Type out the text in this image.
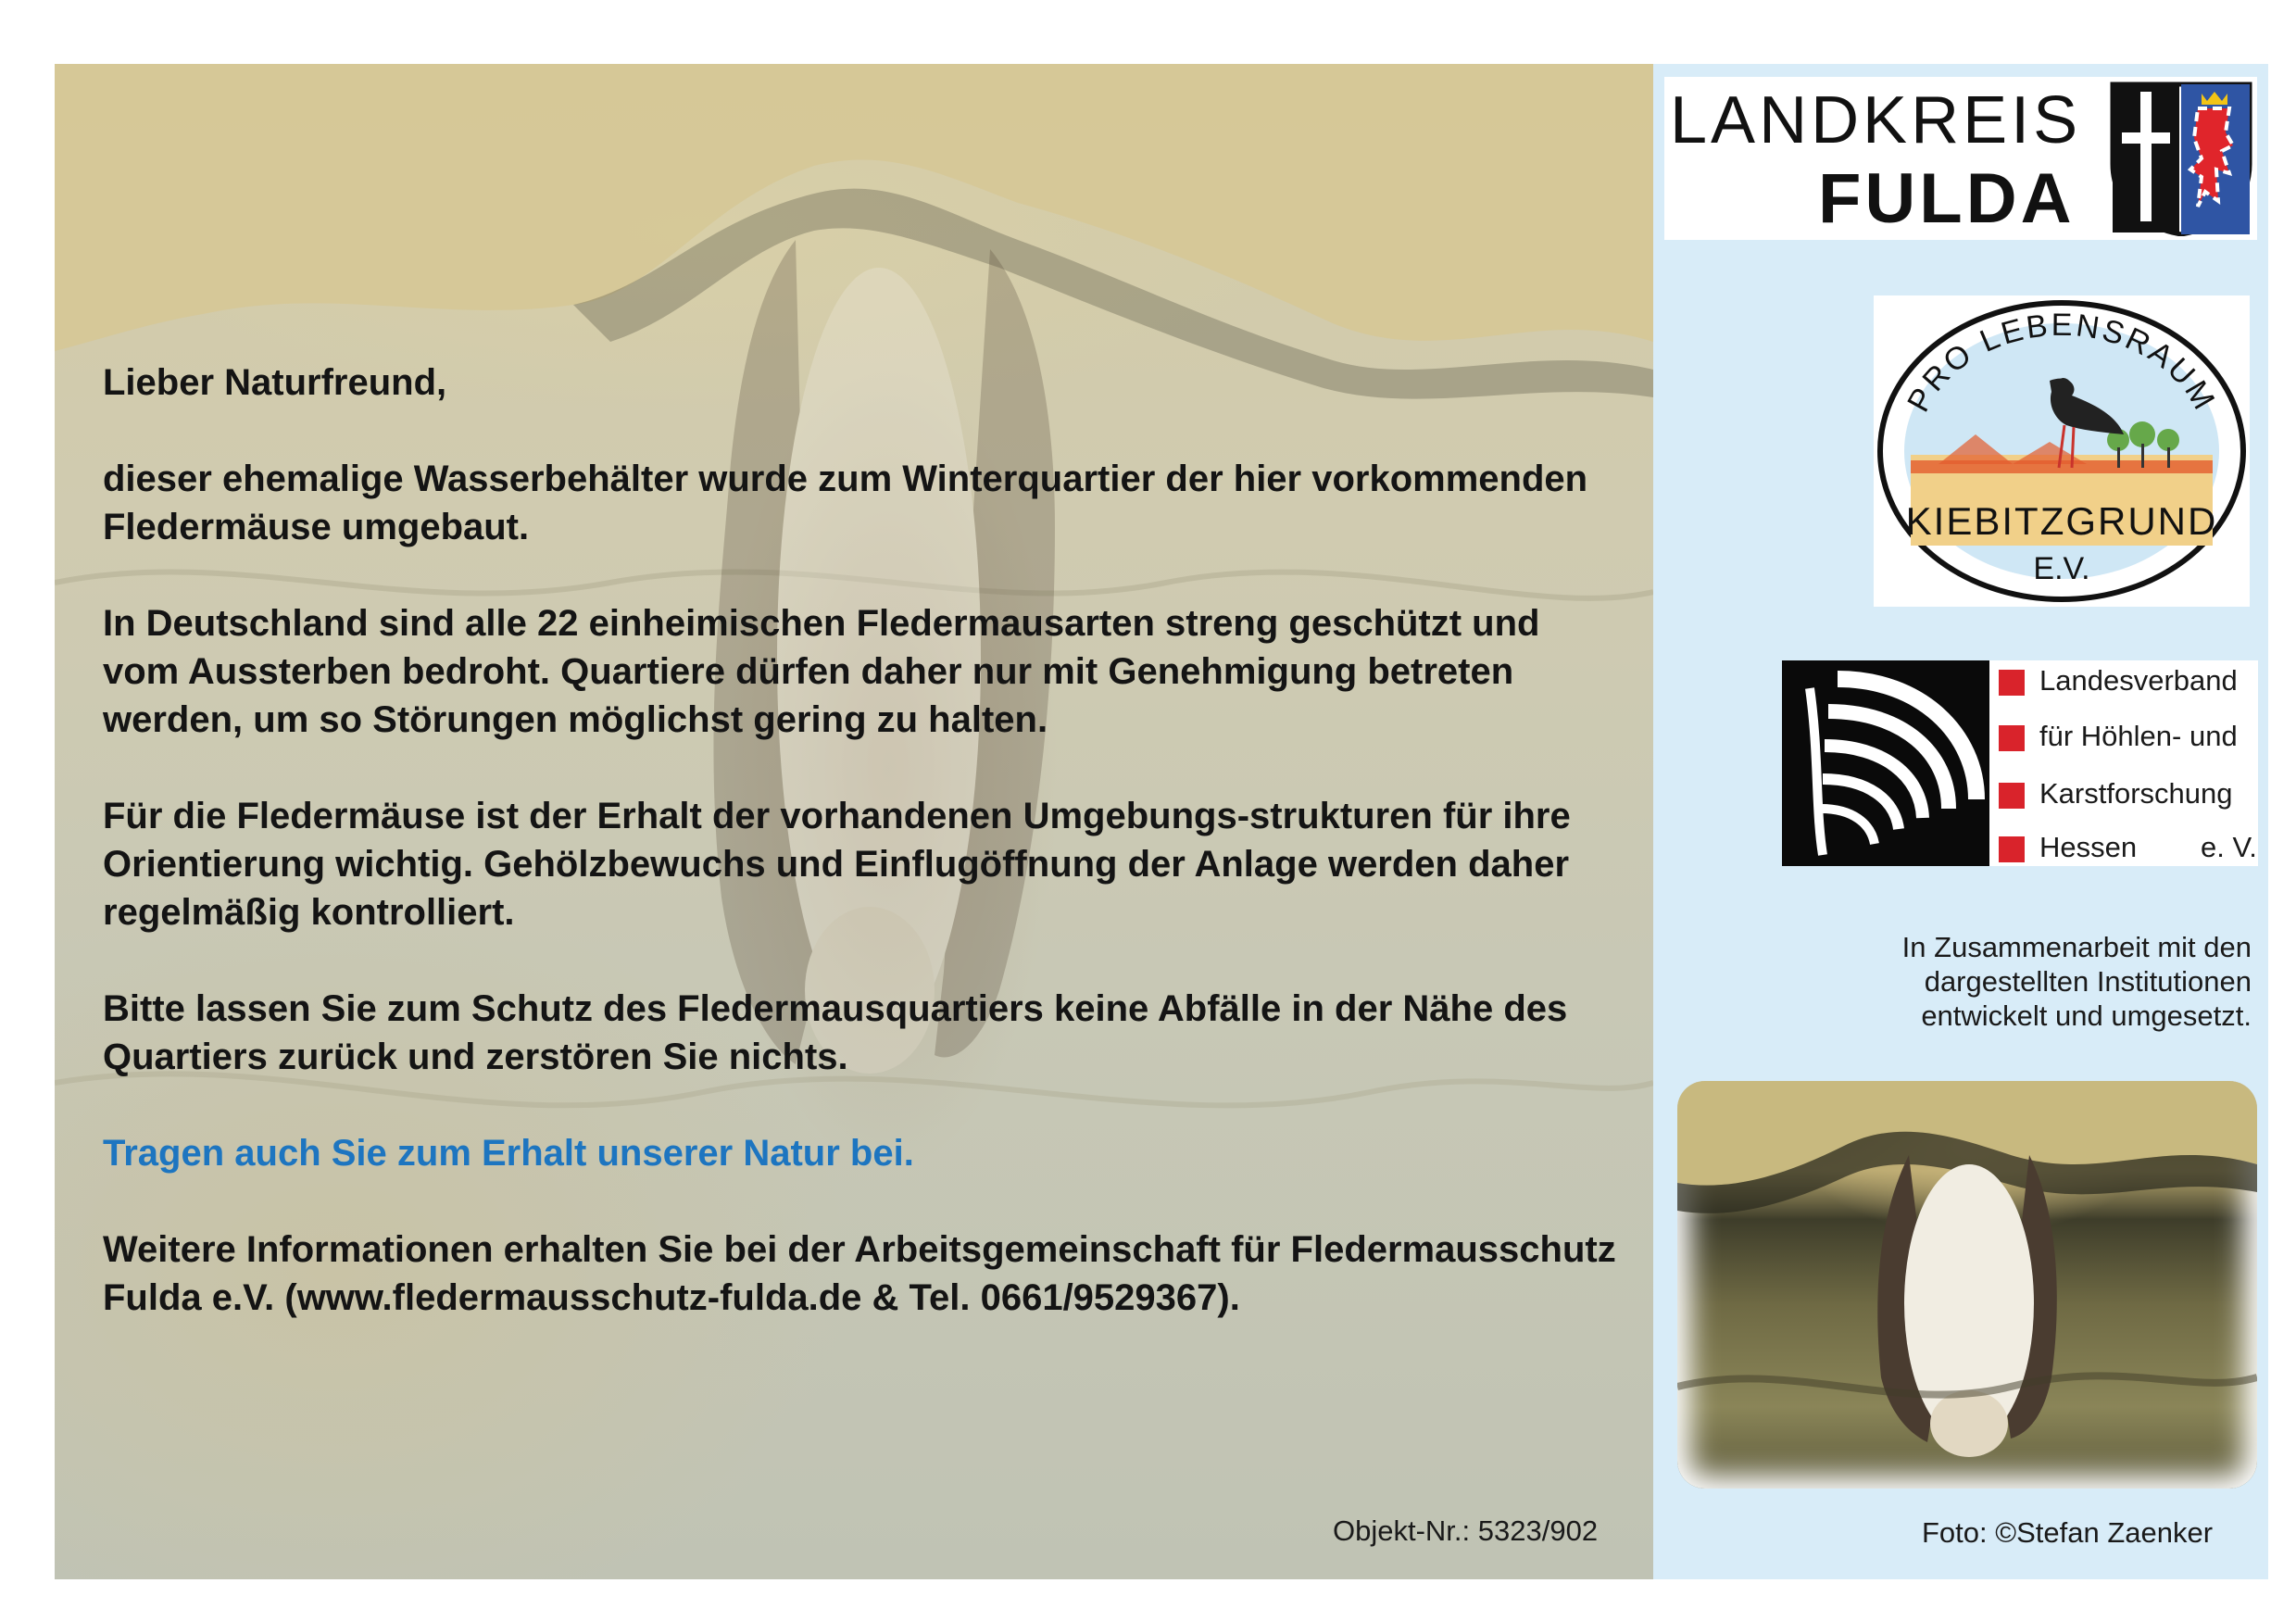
Lieber Naturfreund,

dieser ehemalige Wasserbehälter wurde zum Winterquartier der hier vorkommenden Fledermäuse umgebaut.

In Deutschland sind alle 22 einheimischen Fledermausarten streng geschützt und vom Aussterben bedroht. Quartiere dürfen daher nur mit Genehmigung betreten werden, um so Störungen möglichst gering zu halten.

Für die Fledermäuse ist der Erhalt der vorhandenen Umgebungs-strukturen für ihre Orientierung wichtig. Gehölzbewuchs und Einflugöffnung der Anlage werden daher regelmäßig kontrolliert.

Bitte lassen Sie zum Schutz des Fledermausquartiers keine Abfälle in der Nähe des Quartiers zurück und zerstören Sie nichts.

Tragen auch Sie zum Erhalt unserer Natur bei.

Weitere Informationen erhalten Sie bei der Arbeitsgemeinschaft für Fledermausschutz Fulda e.V. (www.fledermausschutz-fulda.de & Tel. 0661/9529367).

Objekt-Nr.: 5323/902
LANDKREIS
FULDA
PRO LEBENSRAUM
KIEBITZGRUND
E.V.
Landesverband
für Höhlen- und
Karstforschung
Hessen        e. V.
In Zusammenarbeit mit den dargestellten Institutionen entwickelt und umgesetzt.
Foto: ©Stefan Zaenker
